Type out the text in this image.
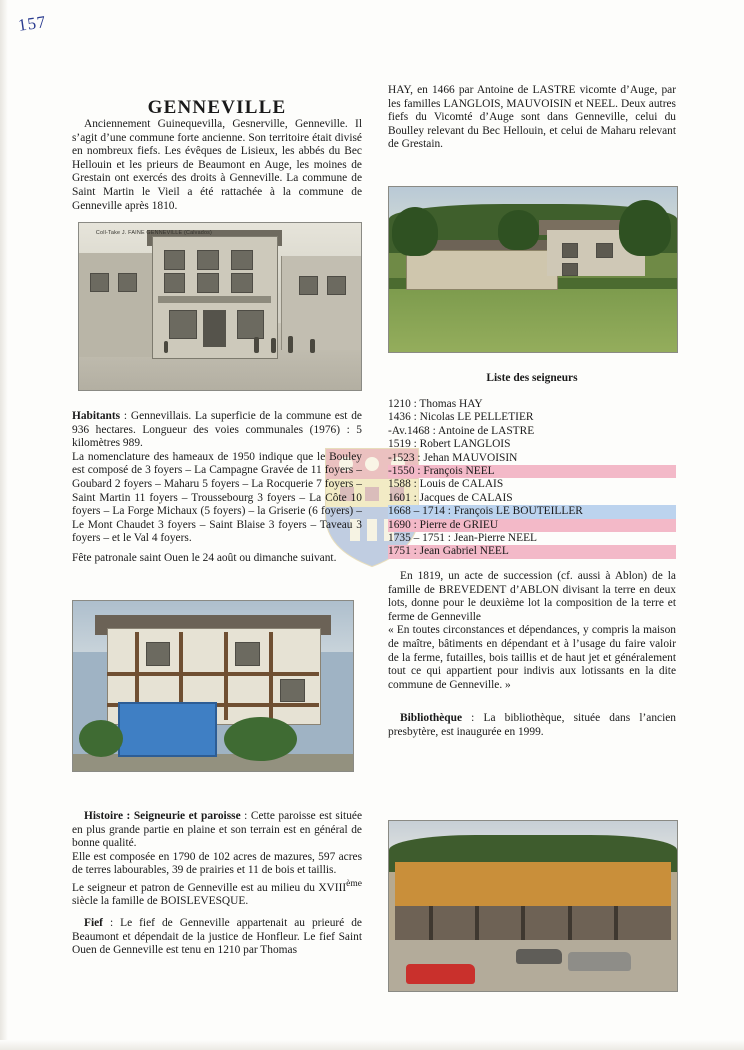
157
GENNEVILLE

Anciennement Guinequevilla, Gesnerville, Genneville. Il s’agit d’une commune forte ancienne. Son territoire était divisé en nombreux fiefs. Les évêques de Lisieux, les abbés du Bec Hellouin et les prieurs de Beaumont en Auge, les moines de Grestain ont exercés des droits à Genneville. La commune de Saint Martin le Vieil a été rattachée à la commune de Genneville après 1810.

Coll-Take J. FAINE GENNEVILLE (Calvados)

Habitants : Gennevillais. La superficie de la commune est de 936 hectares. Longueur des voies communales (1976) : 5 kilomètres 989.

La nomenclature des hameaux de 1950 indique que le Bouley est composé de 3 foyers – La Campagne Gravée de 11 foyers – Goubard 2 foyers – Maharu 5 foyers – La Rocquerie 7 foyers – Saint Martin 11 foyers – Troussebourg 3 foyers – La Côte 10 foyers – La Forge Michaux (5 foyers) – la Griserie (6 foyers) – Le Mont Chaudet 3 foyers – Saint Blaise 3 foyers – Taveau 3 foyers – et le Val 4 foyers.

Fête patronale saint Ouen le 24 août ou dimanche suivant.

Histoire : Seigneurie et paroisse : Cette paroisse est située en plus grande partie en plaine et son terrain est en général de bonne qualité.

Elle est composée en 1790 de 102 acres de mazures, 597 acres de terres labourables, 39 de prairies et 11 de bois et taillis.

Le seigneur et patron de Genneville est au milieu du XVIIIème siècle la famille de BOISLEVESQUE.

Fief : Le fief de Genneville appartenait au prieuré de Beaumont et dépendait de la justice de Honfleur. Le fief Saint Ouen de Genneville est tenu en 1210 par Thomas

HAY, en 1466 par Antoine de LASTRE vicomte d’Auge, par les familles LANGLOIS, MAUVOISIN et NEEL. Deux autres fiefs du Vicomté d’Auge sont dans Genneville, celui du Boulley relevant du Bec Hellouin, et celui de Maharu relevant de Grestain.

Liste des seigneurs
1210 : Thomas HAY
1436 : Nicolas LE PELLETIER
-Av.1468 : Antoine de LASTRE
1519 : Robert LANGLOIS
-1523 : Jehan MAUVOISIN
-1550 : François NEEL
1588 : Louis de CALAIS
1601 : Jacques de CALAIS
1668 – 1714 : François LE BOUTEILLER
1690 : Pierre de GRIEU
1735 – 1751 : Jean-Pierre NEEL
1751 : Jean Gabriel NEEL

En 1819, un acte de succession (cf. aussi à Ablon) de la famille de BREVEDENT d’ABLON divisant la terre en deux lots, donne pour le deuxième lot la composition de la terre et ferme de Genneville

« En toutes circonstances et dépendances, y compris la maison de maître, bâtiments en dépendant et à l’usage du faire valoir de la ferme, futailles, bois taillis et de haut jet et généralement tout ce qui appartient pour indivis aux lotissants en la dite commune de Genneville. »

Bibliothèque : La bibliothèque, située dans l’ancien presbytère, est inaugurée en 1999.
